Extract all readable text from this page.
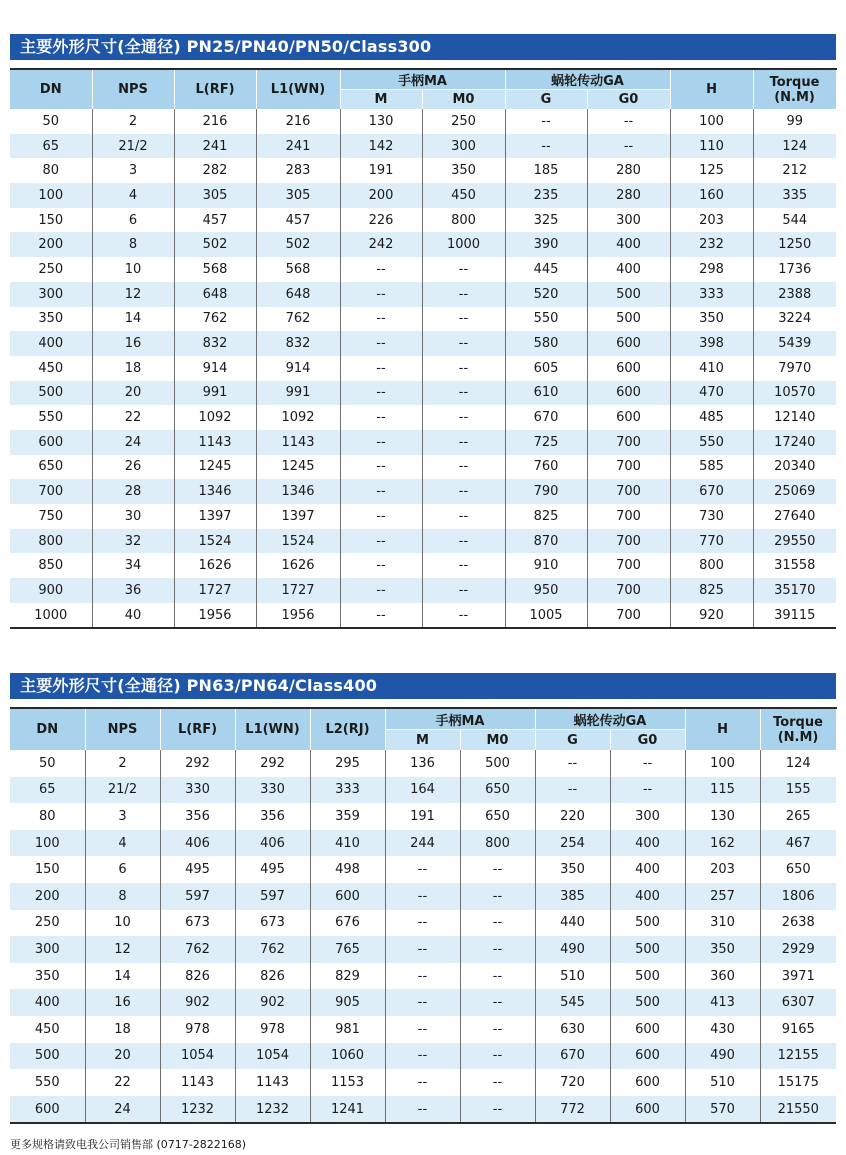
主要外形尺寸(全通径) PN25/PN40/PN50/Class300
DN	NPS	L(RF)	L1(WN)	手柄MA		蜗轮传动GA		H	Torque
(N.M)
				M	M0	G	G0		
50	2	216	216	130	250	--	--	100	99
65	21/2	241	241	142	300	--	--	110	124
80	3	282	283	191	350	185	280	125	212
100	4	305	305	200	450	235	280	160	335
150	6	457	457	226	800	325	300	203	544
200	8	502	502	242	1000	390	400	232	1250
250	10	568	568	--	--	445	400	298	1736
300	12	648	648	--	--	520	500	333	2388
350	14	762	762	--	--	550	500	350	3224
400	16	832	832	--	--	580	600	398	5439
450	18	914	914	--	--	605	600	410	7970
500	20	991	991	--	--	610	600	470	10570
550	22	1092	1092	--	--	670	600	485	12140
600	24	1143	1143	--	--	725	700	550	17240
650	26	1245	1245	--	--	760	700	585	20340
700	28	1346	1346	--	--	790	700	670	25069
750	30	1397	1397	--	--	825	700	730	27640
800	32	1524	1524	--	--	870	700	770	29550
850	34	1626	1626	--	--	910	700	800	31558
900	36	1727	1727	--	--	950	700	825	35170
1000	40	1956	1956	--	--	1005	700	920	39115
主要外形尺寸(全通径) PN63/PN64/Class400
DN	NPS	L(RF)	L1(WN)	L2(RJ)	手柄MA		蜗轮传动GA		H	Torque
(N.M)
					M	M0	G	G0		
50	2	292	292	295	136	500	--	--	100	124
65	21/2	330	330	333	164	650	--	--	115	155
80	3	356	356	359	191	650	220	300	130	265
100	4	406	406	410	244	800	254	400	162	467
150	6	495	495	498	--	--	350	400	203	650
200	8	597	597	600	--	--	385	400	257	1806
250	10	673	673	676	--	--	440	500	310	2638
300	12	762	762	765	--	--	490	500	350	2929
350	14	826	826	829	--	--	510	500	360	3971
400	16	902	902	905	--	--	545	500	413	6307
450	18	978	978	981	--	--	630	600	430	9165
500	20	1054	1054	1060	--	--	670	600	490	12155
550	22	1143	1143	1153	--	--	720	600	510	15175
600	24	1232	1232	1241	--	--	772	600	570	21550
更多规格请致电我公司销售部 (0717-2822168)
